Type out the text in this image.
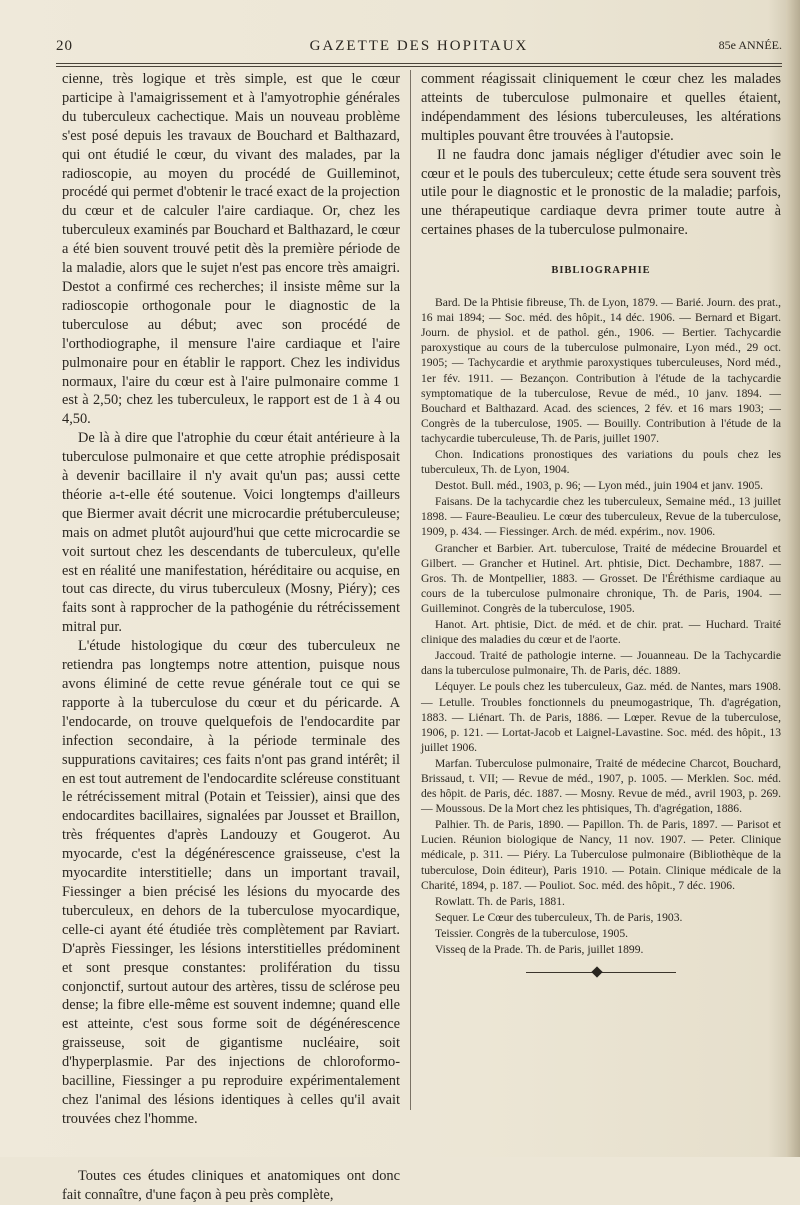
GAZETTE DES HOPITAUX
20	85e ANNÉE.

cienne, très logique et très simple, est que le cœur participe à l'amaigrissement et à l'amyotrophie générales du tuberculeux cachectique. Mais un nouveau problème s'est posé depuis les travaux de Bouchard et Balthazard, qui ont étudié le cœur, du vivant des malades, par la radioscopie, au moyen du procédé de Guilleminot, procédé qui permet d'obtenir le tracé exact de la projection du cœur et de calculer l'aire cardiaque. Or, chez les tuberculeux examinés par Bouchard et Balthazard, le cœur a été bien souvent trouvé petit dès la première période de la maladie, alors que le sujet n'est pas encore très amaigri. Destot a confirmé ces recherches; il insiste même sur la radioscopie orthogonale pour le diagnostic de la tuberculose au début; avec son procédé de l'orthodiographe, il mensure l'aire cardiaque et l'aire pulmonaire pour en établir le rapport. Chez les individus normaux, l'aire du cœur est à l'aire pulmonaire comme 1 est à 2,50; chez les tuberculeux, le rapport est de 1 à 4 ou 4,50.

De là à dire que l'atrophie du cœur était antérieure à la tuberculose pulmonaire et que cette atrophie prédisposait à devenir bacillaire il n'y avait qu'un pas; aussi cette théorie a-t-elle été soutenue. Voici longtemps d'ailleurs que Biermer avait décrit une microcardie prétuberculeuse; mais on admet plutôt aujourd'hui que cette microcardie se voit surtout chez les descendants de tuberculeux, qu'elle est en réalité une manifestation, héréditaire ou acquise, en tout cas directe, du virus tuberculeux (Mosny, Piéry); ces faits sont à rapprocher de la pathogénie du rétrécissement mitral pur.

L'étude histologique du cœur des tuberculeux ne retiendra pas longtemps notre attention, puisque nous avons éliminé de cette revue générale tout ce qui se rapporte à la tuberculose du cœur et du péricarde. A l'endocarde, on trouve quelquefois de l'endocardite par infection secondaire, à la période terminale des suppurations cavitaires; ces faits n'ont pas grand intérêt; il en est tout autrement de l'endocardite scléreuse constituant le rétrécissement mitral (Potain et Teissier), ainsi que des endocardites bacillaires, signalées par Jousset et Braillon, très fréquentes d'après Landouzy et Gougerot. Au myocarde, c'est la dégénérescence graisseuse, c'est la myocardite interstitielle; dans un important travail, Fiessinger a bien précisé les lésions du myocarde des tuberculeux, en dehors de la tuberculose myocardique, celle-ci ayant été étudiée très complètement par Raviart. D'après Fiessinger, les lésions interstitielles prédominent et sont presque constantes: prolifération du tissu conjonctif, surtout autour des artères, tissu de sclérose peu dense; la fibre elle-même est souvent indemne; quand elle est atteinte, c'est sous forme soit de dégénérescence graisseuse, soit de gigantisme nucléaire, soit d'hyperplasmie. Par des injections de chloroformo-bacilline, Fiessinger a pu reproduire expérimentalement chez l'animal des lésions identiques à celles qu'il avait trouvées chez l'homme.

Toutes ces études cliniques et anatomiques ont donc fait connaître, d'une façon à peu près complète,

comment réagissait cliniquement le cœur chez les malades atteints de tuberculose pulmonaire et quelles étaient, indépendamment des lésions tuberculeuses, les altérations multiples pouvant être trouvées à l'autopsie.

Il ne faudra donc jamais négliger d'étudier avec soin le cœur et le pouls des tuberculeux; cette étude sera souvent très utile pour le diagnostic et le pronostic de la maladie; parfois, une thérapeutique cardiaque devra primer toute autre à certaines phases de la tuberculose pulmonaire.

BIBLIOGRAPHIE

Bard. De la Phtisie fibreuse, Th. de Lyon, 1879. — Barié. Journ. des prat., 16 mai 1894; — Soc. méd. des hôpit., 14 déc. 1906. — Bernard et Bigart. Journ. de physiol. et de pathol. gén., 1906. — Bertier. Tachycardie paroxystique au cours de la tuberculose pulmonaire, Lyon méd., 29 oct. 1905; — Tachycardie et arythmie paroxystiques tuberculeuses, Nord méd., 1er fév. 1911. — Bezançon. Contribution à l'étude de la tachycardie symptomatique de la tuberculose, Revue de méd., 10 janv. 1894. — Bouchard et Balthazard. Acad. des sciences, 2 fév. et 16 mars 1903; — Congrès de la tuberculose, 1905. — Bouilly. Contribution à l'étude de la tachycardie tuberculeuse, Th. de Paris, juillet 1907.

Chon. Indications pronostiques des variations du pouls chez les tuberculeux, Th. de Lyon, 1904.

Destot. Bull. méd., 1903, p. 96; — Lyon méd., juin 1904 et janv. 1905.

Faisans. De la tachycardie chez les tuberculeux, Semaine méd., 13 juillet 1898. — Faure-Beaulieu. Le cœur des tuberculeux, Revue de la tuberculose, 1909, p. 434. — Fiessinger. Arch. de méd. expérim., nov. 1906.

Grancher et Barbier. Art. tuberculose, Traité de médecine Brouardel et Gilbert. — Grancher et Hutinel. Art. phtisie, Dict. Dechambre, 1887. — Gros. Th. de Montpellier, 1883. — Grosset. De l'Éréthisme cardiaque au cours de la tuberculose pulmonaire chronique, Th. de Paris, 1904. — Guilleminot. Congrès de la tuberculose, 1905.

Hanot. Art. phtisie, Dict. de méd. et de chir. prat. — Huchard. Traité clinique des maladies du cœur et de l'aorte.

Jaccoud. Traité de pathologie interne. — Jouanneau. De la Tachycardie dans la tuberculose pulmonaire, Th. de Paris, déc. 1889.

Léquyer. Le pouls chez les tuberculeux, Gaz. méd. de Nantes, mars 1908. — Letulle. Troubles fonctionnels du pneumogastrique, Th. d'agrégation, 1883. — Liénart. Th. de Paris, 1886. — Lœper. Revue de la tuberculose, 1906, p. 121. — Lortat-Jacob et Laignel-Lavastine. Soc. méd. des hôpit., 13 juillet 1906.

Marfan. Tuberculose pulmonaire, Traité de médecine Charcot, Bouchard, Brissaud, t. VII; — Revue de méd., 1907, p. 1005. — Merklen. Soc. méd. des hôpit. de Paris, déc. 1887. — Mosny. Revue de méd., avril 1903, p. 269. — Moussous. De la Mort chez les phtisiques, Th. d'agrégation, 1886.

Palhier. Th. de Paris, 1890. — Papillon. Th. de Paris, 1897. — Parisot et Lucien. Réunion biologique de Nancy, 11 nov. 1907. — Peter. Clinique médicale, p. 311. — Piéry. La Tuberculose pulmonaire (Bibliothèque de la tuberculose, Doin éditeur), Paris 1910. — Potain. Clinique médicale de la Charité, 1894, p. 187. — Pouliot. Soc. méd. des hôpit., 7 déc. 1906.

Rowlatt. Th. de Paris, 1881.

Sequer. Le Cœur des tuberculeux, Th. de Paris, 1903.

Teissier. Congrès de la tuberculose, 1905.

Visseq de la Prade. Th. de Paris, juillet 1899.
